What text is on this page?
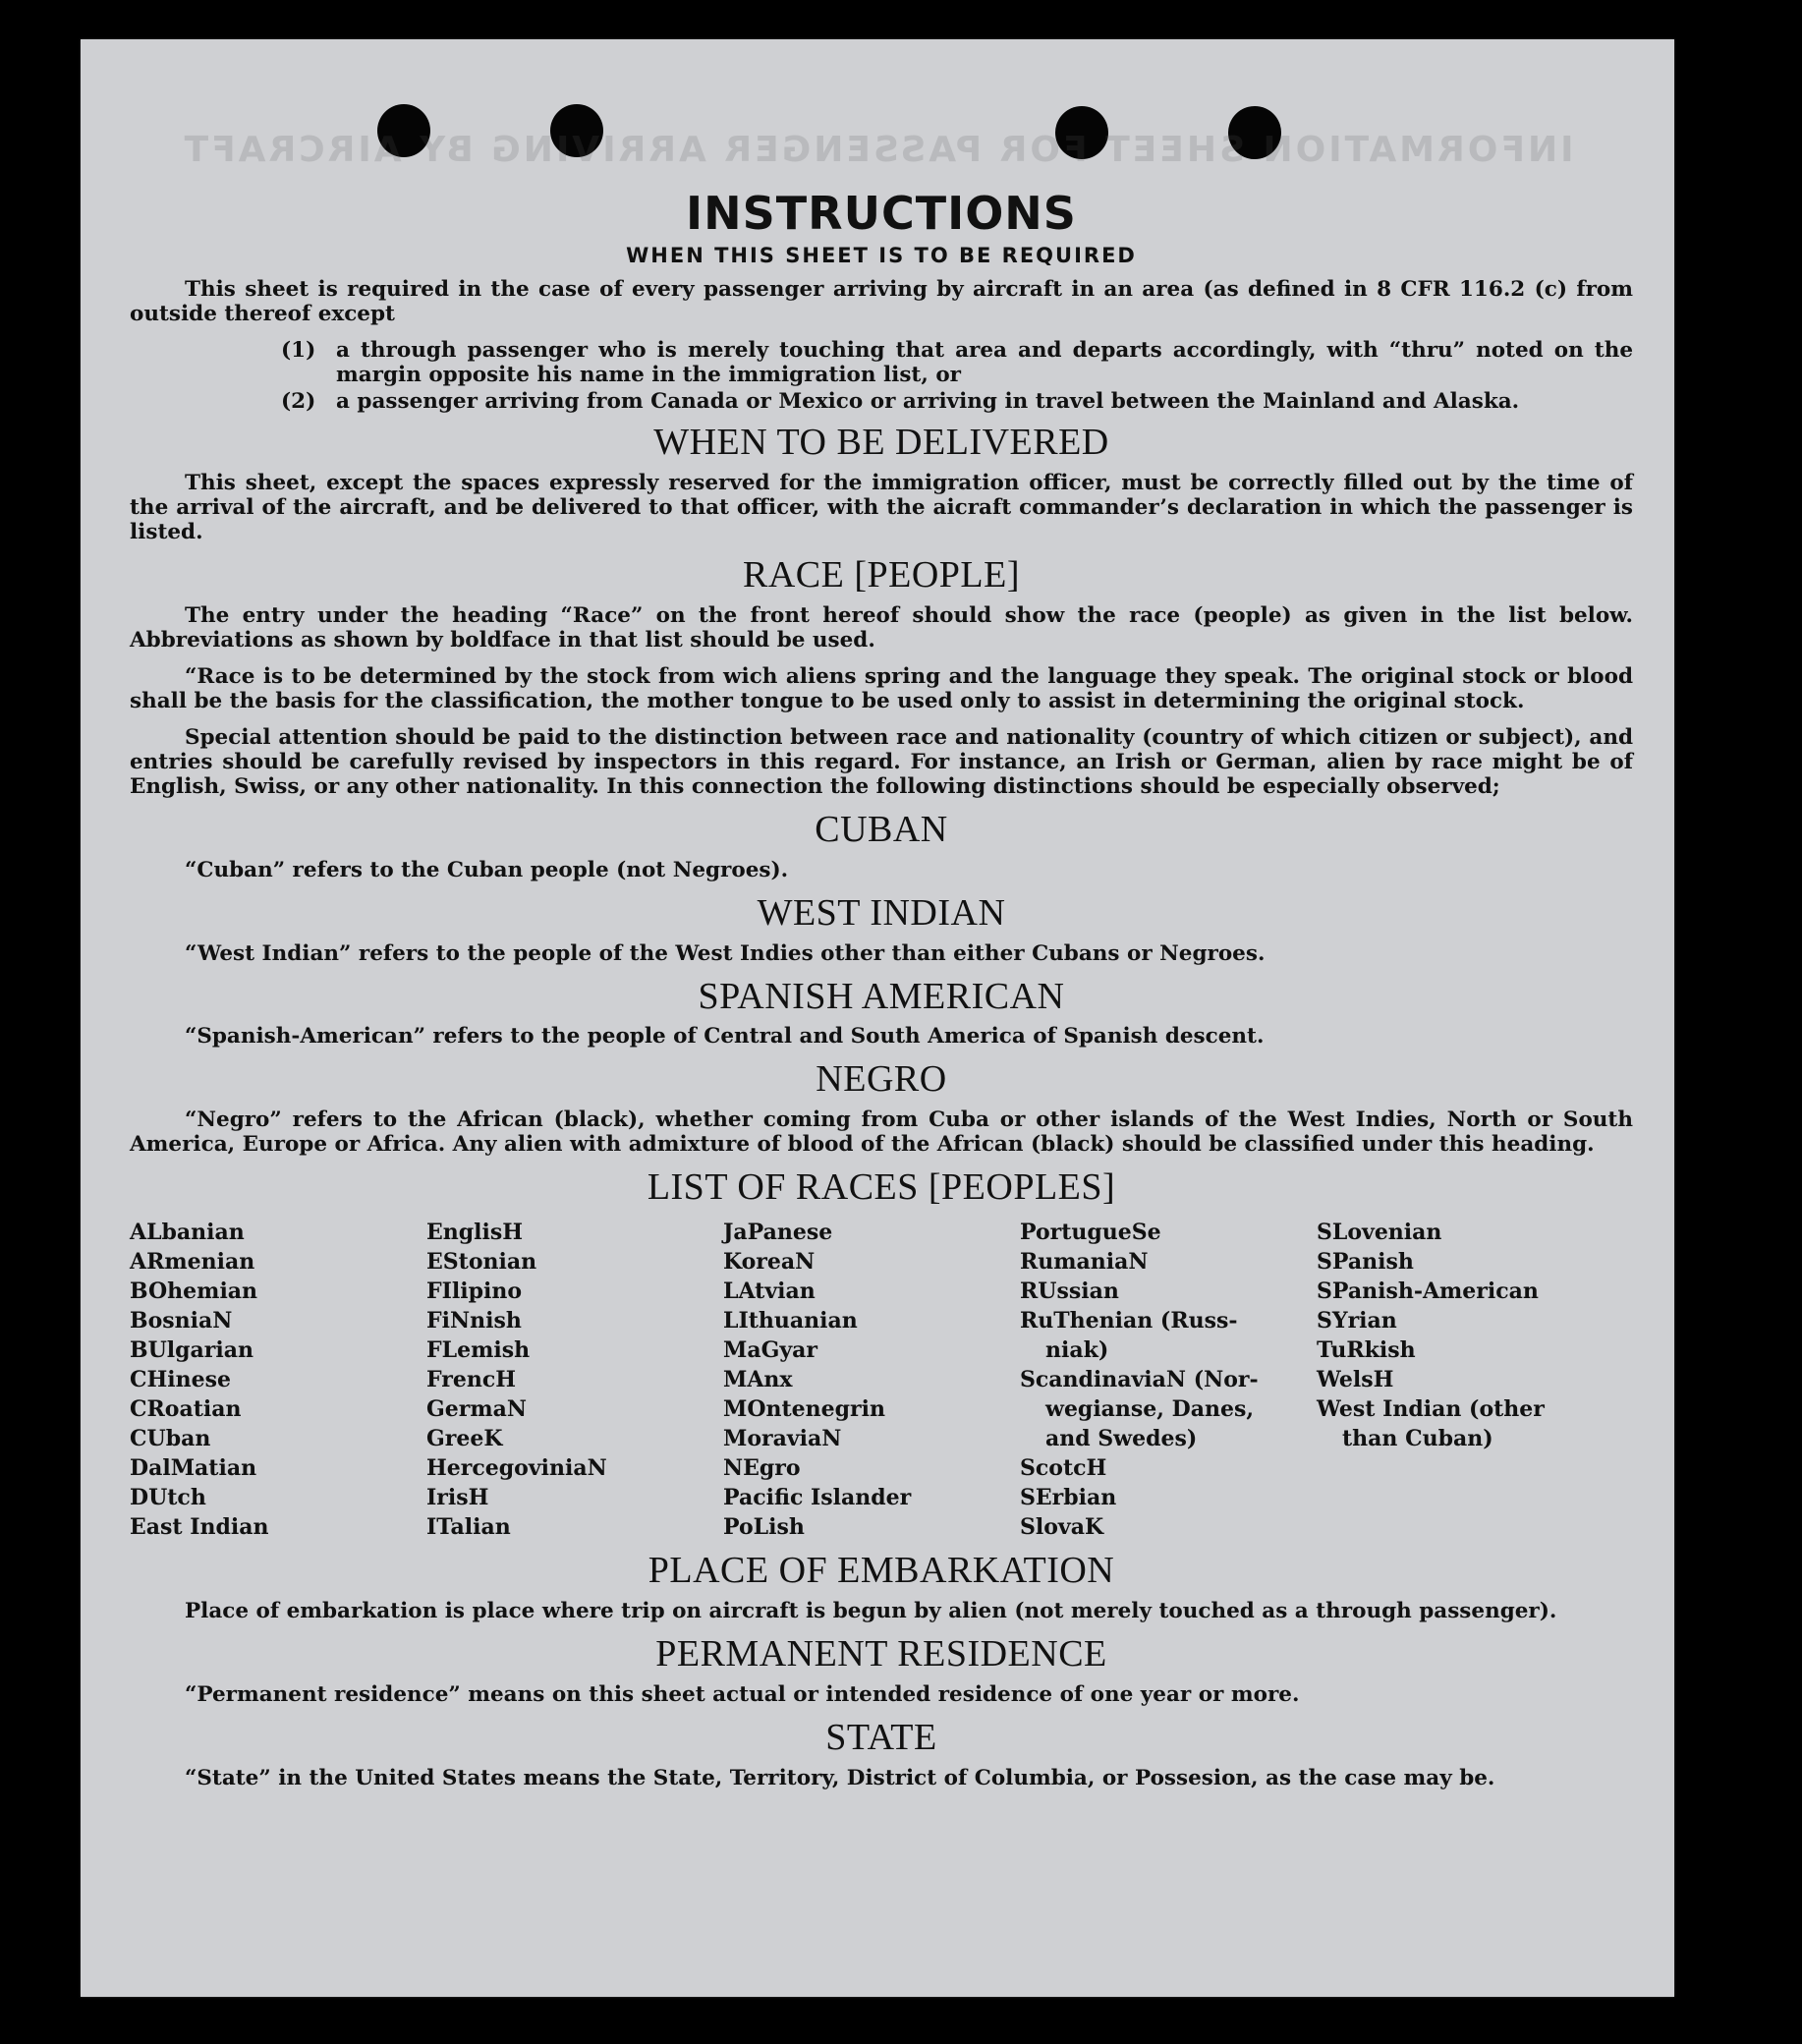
INFORMATION SHEET FOR PASSENGER ARRIVING BY AIRCRAFT
INSTRUCTIONS
WHEN THIS SHEET IS TO BE REQUIRED

This sheet is required in the case of every passenger arriving by aircraft in an area (as defined in 8 CFR 116.2 (c) from outside thereof except

(1) a through passenger who is merely touching that area and departs accordingly, with “thru” noted on the margin opposite his name in the immigration list, or
(2) a passenger arriving from Canada or Mexico or arriving in travel between the Mainland and Alaska.
WHEN TO BE DELIVERED

This sheet, except the spaces expressly reserved for the immigration officer, must be correctly filled out by the time of the arrival of the aircraft, and be delivered to that officer, with the aicraft commander’s declaration in which the passenger is listed.

RACE [PEOPLE]

The entry under the heading “Race” on the front hereof should show the race (people) as given in the list below. Abbreviations as shown by boldface in that list should be used.

“Race is to be determined by the stock from wich aliens spring and the language they speak. The original stock or blood shall be the basis for the classification, the mother tongue to be used only to assist in determining the original stock.

Special attention should be paid to the distinction between race and nationality (country of which citizen or subject), and entries should be carefully revised by inspectors in this regard. For instance, an Irish or German, alien by race might be of English, Swiss, or any other nationality. In this connection the following distinctions should be especially observed;

CUBAN

“Cuban” refers to the Cuban people (not Negroes).

WEST INDIAN

“West Indian” refers to the people of the West Indies other than either Cubans or Negroes.

SPANISH AMERICAN

“Spanish-American” refers to the people of Central and South America of Spanish descent.

NEGRO

“Negro” refers to the African (black), whether coming from Cuba or other islands of the West Indies, North or South America, Europe or Africa. Any alien with admixture of blood of the African (black) should be classified under this heading.

LIST OF RACES [PEOPLES]
ALbanian
ARmenian
BOhemian
BosniaN
BUlgarian
CHinese
CRoatian
CUban
DalMatian
DUtch
East Indian
EnglisH
EStonian
FIlipino
FiNnish
FLemish
FrencH
GermaN
GreeK
HercegoviniaN
IrisH
ITalian
JaPanese
KoreaN
LAtvian
LIthuanian
MaGyar
MAnx
MOntenegrin
MoraviaN
NEgro
Pacific Islander
PoLish
PortugueSe
RumaniaN
RUssian
RuThenian (Russ-
niak)
ScandinaviaN (Nor-
wegianse, Danes,
and Swedes)
ScotcH
SErbian
SlovaK
SLovenian
SPanish
SPanish-American
SYrian
TuRkish
WelsH
West Indian (other
than Cuban)
PLACE OF EMBARKATION

Place of embarkation is place where trip on aircraft is begun by alien (not merely touched as a through passenger).

PERMANENT RESIDENCE

“Permanent residence” means on this sheet actual or intended residence of one year or more.

STATE

“State” in the United States means the State, Territory, District of Columbia, or Possesion, as the case may be.
